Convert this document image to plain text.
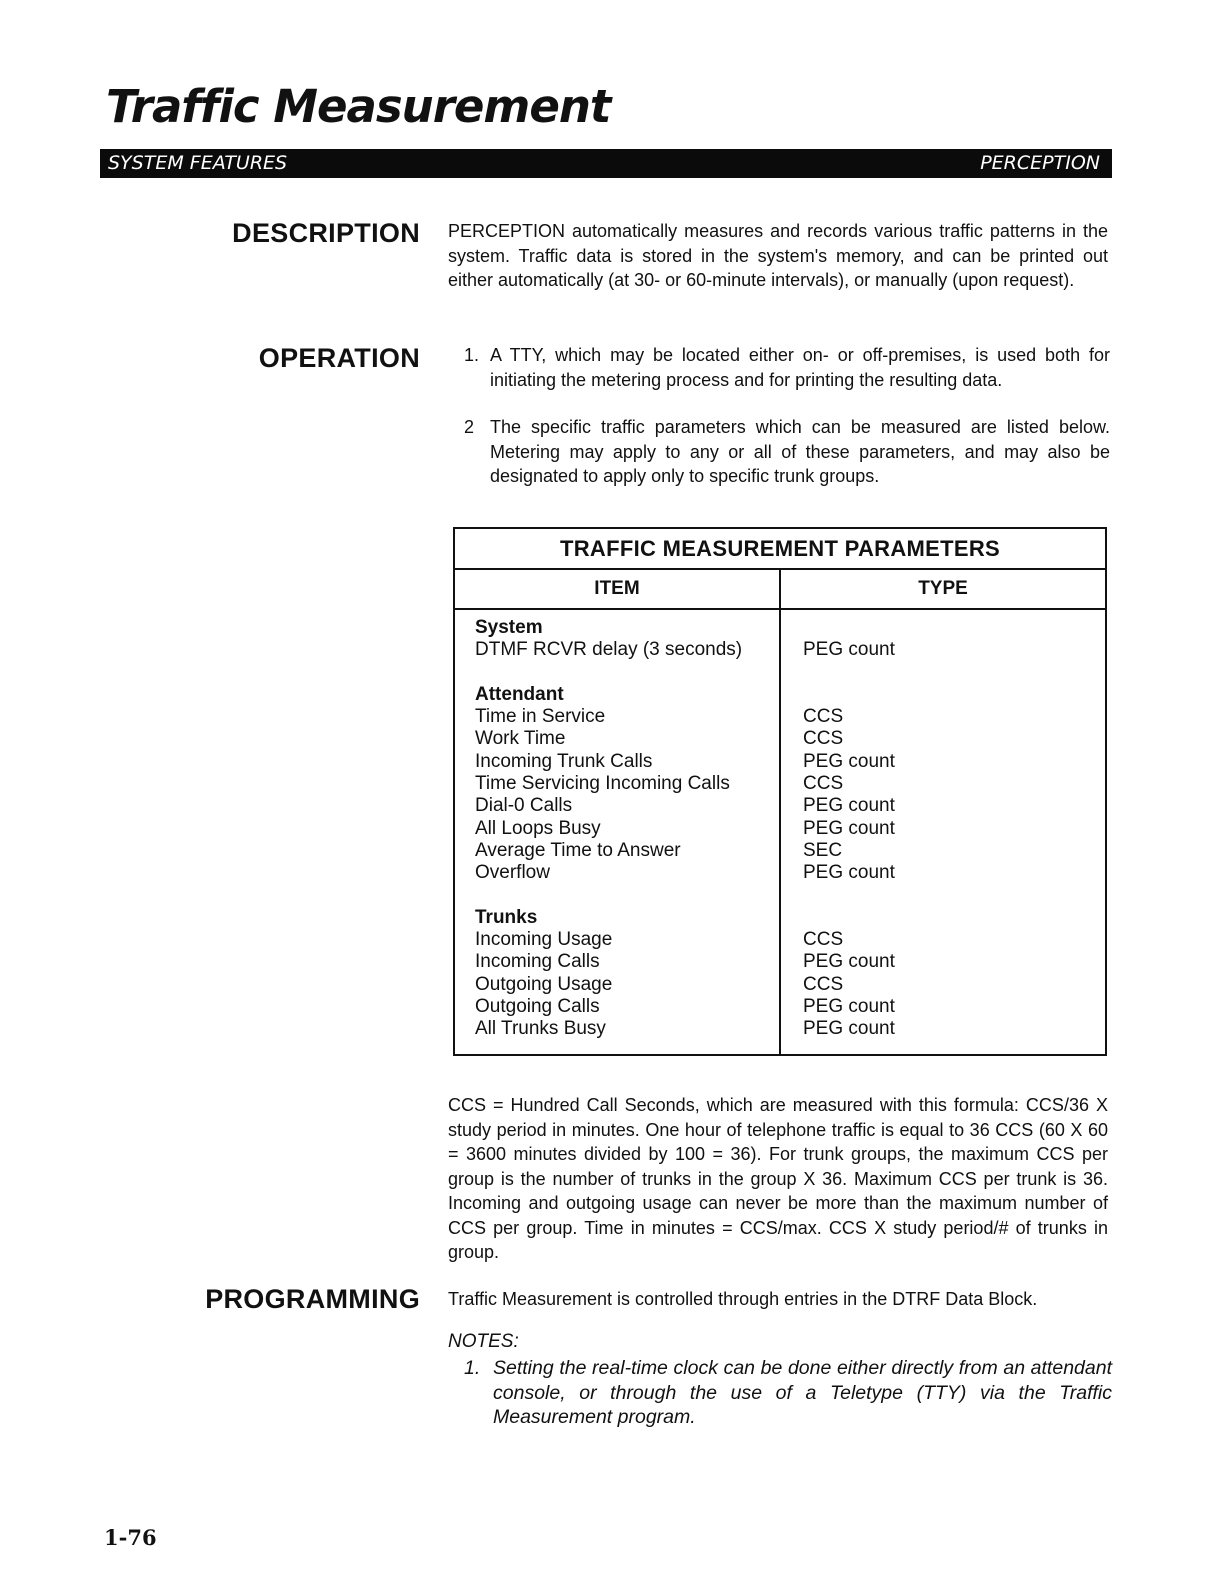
Traffic Measurement
SYSTEM FEATURES	PERCEPTION
DESCRIPTION PERCEPTION automatically measures and records various traffic patterns in the system. Traffic data is stored in the system's memory, and can be printed out either automatically (at 30- or 60-minute intervals), or manually (upon request).

OPERATION 1. A TTY, which may be located either on- or off-premises, is used both for initiating the metering process and for printing the resulting data.
2 The specific traffic parameters which can be measured are listed below. Metering may apply to any or all of these parameters, and may also be designated to apply only to specific trunk groups.
TRAFFIC MEASUREMENT PARAMETERS
ITEM	TYPE
System
DTMF RCVR delay (3 seconds)
Attendant
Time in Service
Work Time
Incoming Trunk Calls
Time Servicing Incoming Calls
Dial-0 Calls
All Loops Busy
Average Time to Answer
Overflow
Trunks
Incoming Usage
Incoming Calls
Outgoing Usage
Outgoing Calls
All Trunks Busy
PEG count
CCS
CCS
PEG count
CCS
PEG count
PEG count
SEC
PEG count
CCS
PEG count
CCS
PEG count
PEG count

CCS = Hundred Call Seconds, which are measured with this formula: CCS/36 X study period in minutes. One hour of telephone traffic is equal to 36 CCS (60 X 60 = 3600 minutes divided by 100 = 36). For trunk groups, the maximum CCS per group is the number of trunks in the group X 36. Maximum CCS per trunk is 36. Incoming and outgoing usage can never be more than the maximum number of CCS per group. Time in minutes = CCS/max. CCS X study period/# of trunks in group.

PROGRAMMING Traffic Measurement is controlled through entries in the DTRF Data Block.

NOTES:

1. Setting the real-time clock can be done either directly from an attendant console, or through the use of a Teletype (TTY) via the Traffic Measurement program.

1-76
